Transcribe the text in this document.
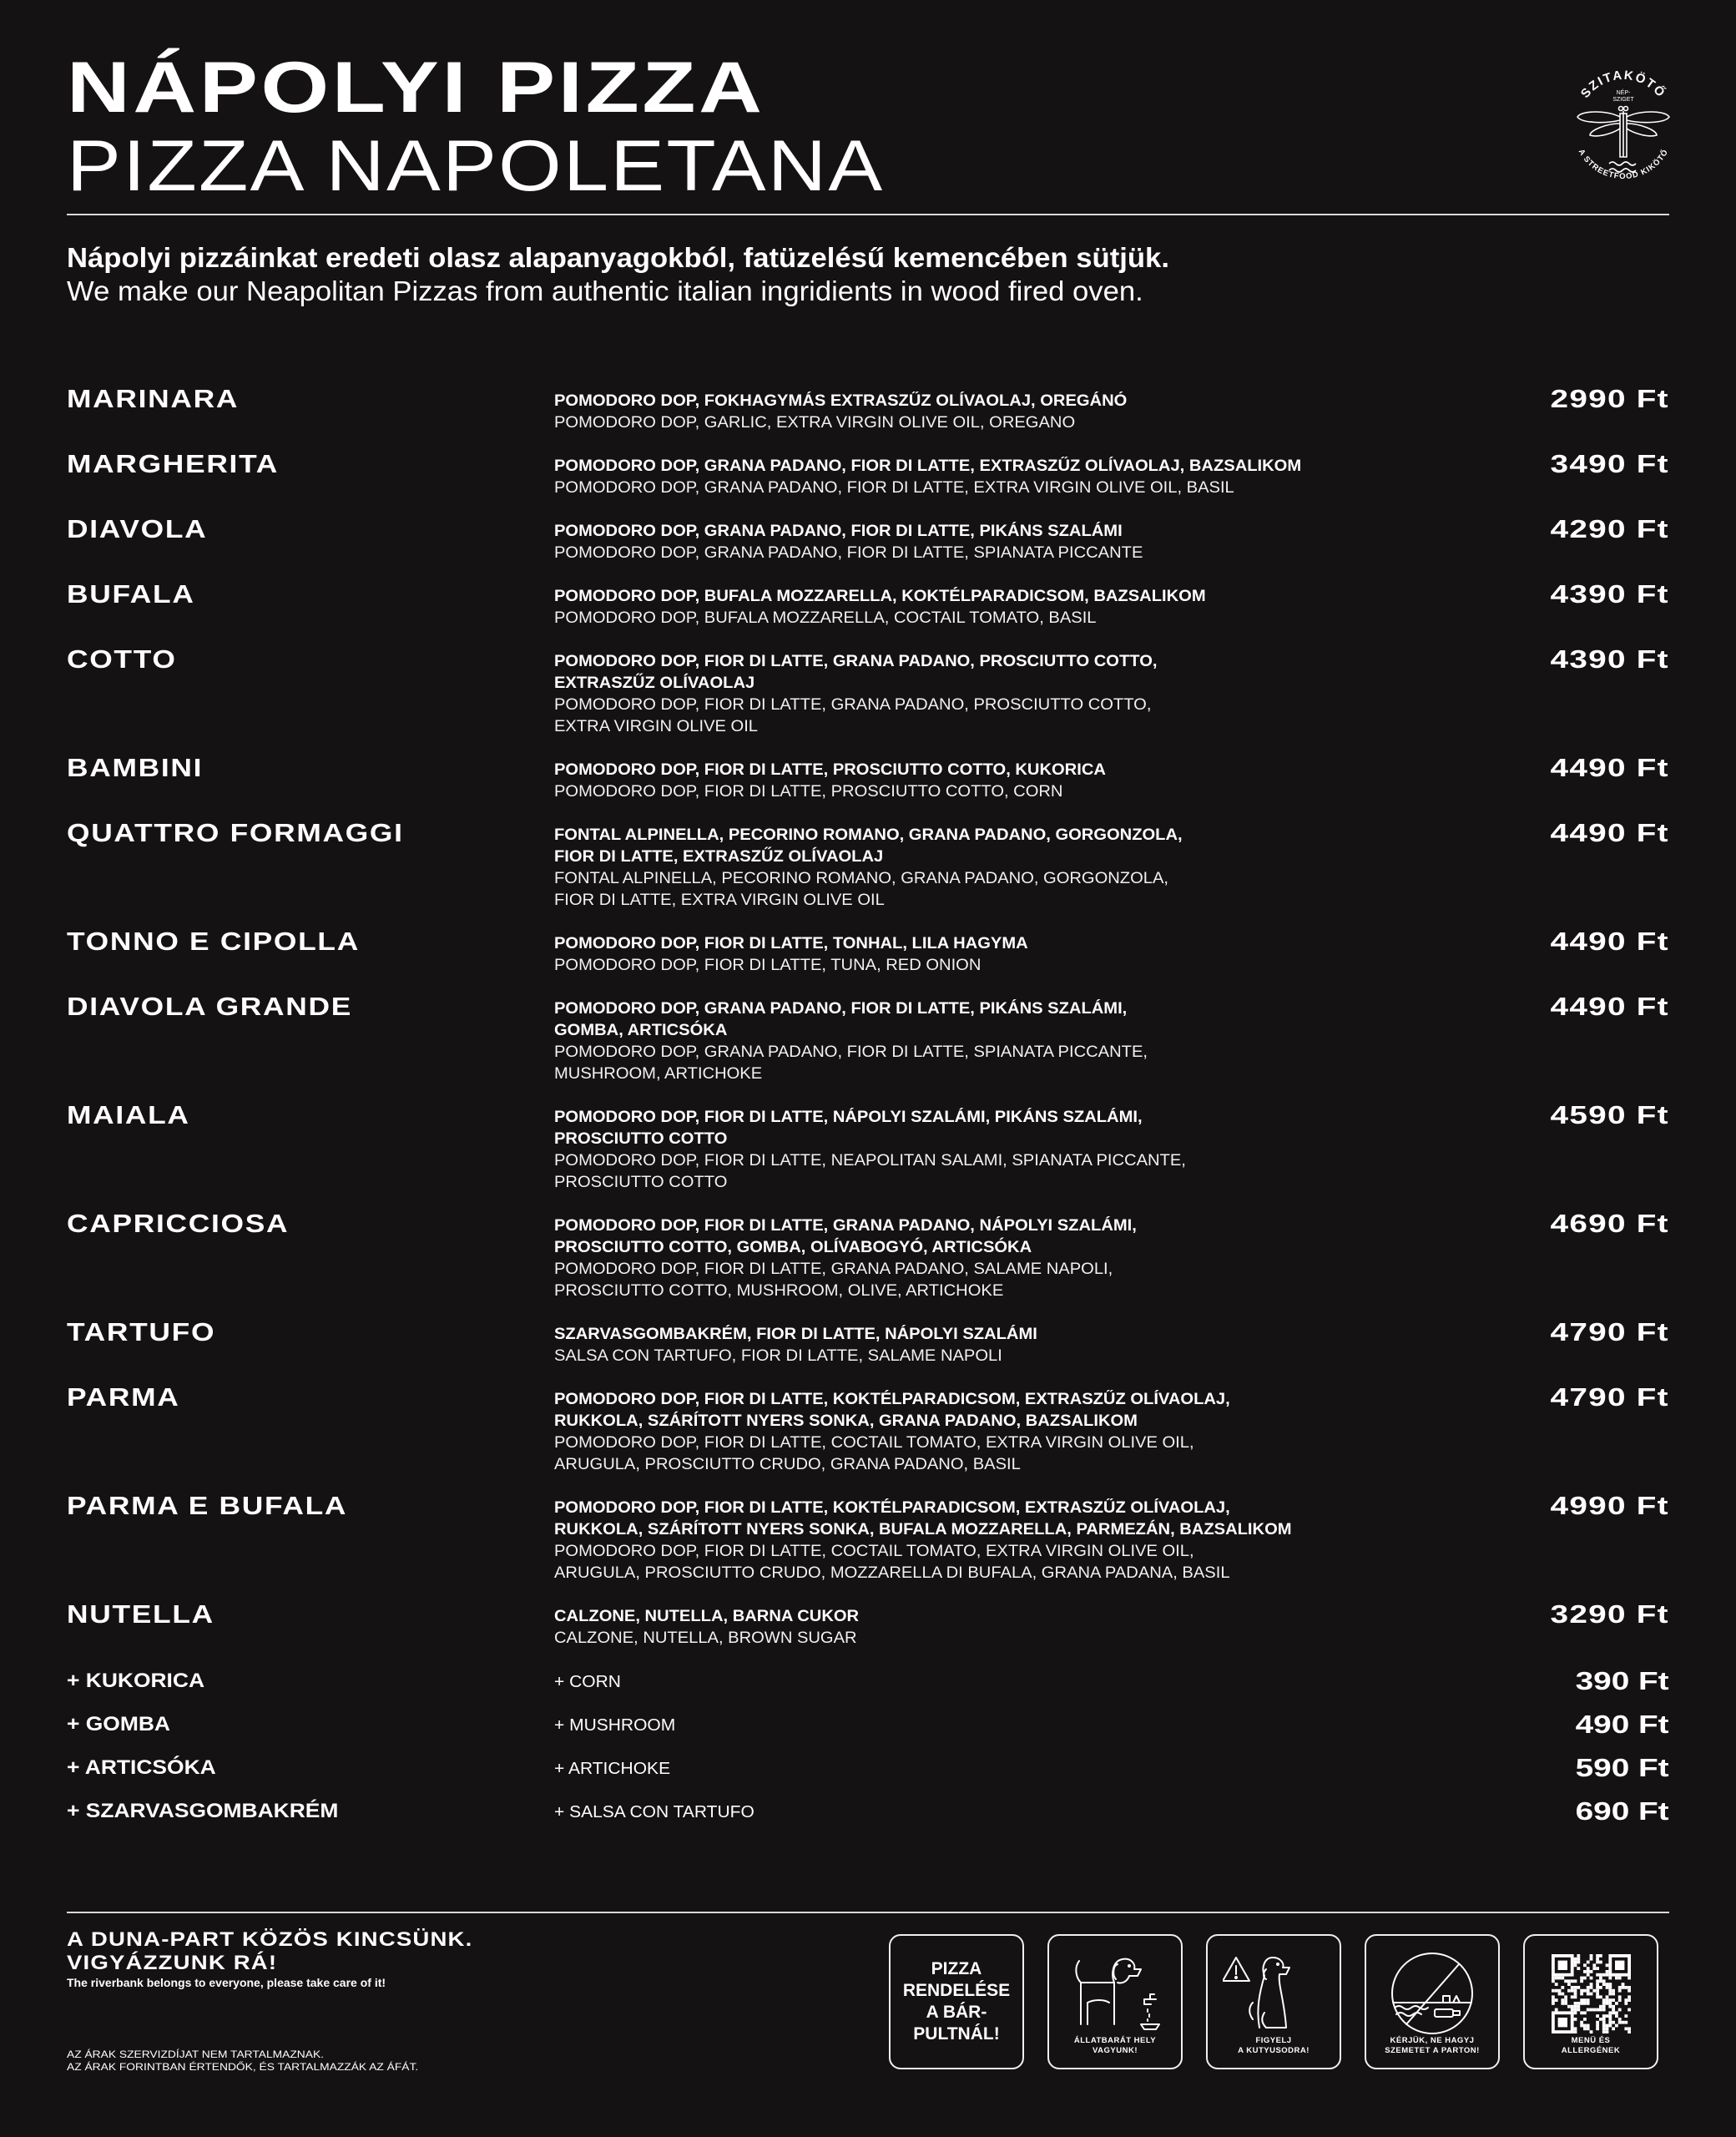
NÁPOLYI PIZZA
PIZZA NAPOLETANA
SZITAKÖTŐ
A STREETFOOD KIKÖTŐ
NÉP-
SZIGET
Nápolyi pizzáinkat eredeti olasz alapanyagokból, fatüzelésű kemencében sütjük.
We make our Neapolitan Pizzas from authentic italian ingridients in wood fired oven.
MARINARA	POMODORO DOP, FOKHAGYMÁS EXTRASZŰZ OLÍVAOLAJ, OREGÁNÓ
POMODORO DOP, GARLIC, EXTRA VIRGIN OLIVE OIL, OREGANO
2990 Ft
MARGHERITA	POMODORO DOP, GRANA PADANO, FIOR DI LATTE, EXTRASZŰZ OLÍVAOLAJ, BAZSALIKOM
POMODORO DOP, GRANA PADANO, FIOR DI LATTE, EXTRA VIRGIN OLIVE OIL, BASIL
3490 Ft
DIAVOLA	POMODORO DOP, GRANA PADANO, FIOR DI LATTE, PIKÁNS SZALÁMI
POMODORO DOP, GRANA PADANO, FIOR DI LATTE, SPIANATA PICCANTE
4290 Ft
BUFALA	POMODORO DOP, BUFALA MOZZARELLA, KOKTÉLPARADICSOM, BAZSALIKOM
POMODORO DOP, BUFALA MOZZARELLA, COCTAIL TOMATO, BASIL
4390 Ft
COTTO	POMODORO DOP, FIOR DI LATTE, GRANA PADANO, PROSCIUTTO COTTO,
EXTRASZŰZ OLÍVAOLAJ
POMODORO DOP, FIOR DI LATTE, GRANA PADANO, PROSCIUTTO COTTO,
EXTRA VIRGIN OLIVE OIL
4390 Ft
BAMBINI	POMODORO DOP, FIOR DI LATTE, PROSCIUTTO COTTO, KUKORICA
POMODORO DOP, FIOR DI LATTE, PROSCIUTTO COTTO, CORN
4490 Ft
QUATTRO FORMAGGI	FONTAL ALPINELLA, PECORINO ROMANO, GRANA PADANO, GORGONZOLA,
FIOR DI LATTE, EXTRASZŰZ OLÍVAOLAJ
FONTAL ALPINELLA, PECORINO ROMANO, GRANA PADANO, GORGONZOLA,
FIOR DI LATTE, EXTRA VIRGIN OLIVE OIL
4490 Ft
TONNO E CIPOLLA	POMODORO DOP, FIOR DI LATTE, TONHAL, LILA HAGYMA
POMODORO DOP, FIOR DI LATTE, TUNA, RED ONION
4490 Ft
DIAVOLA GRANDE	POMODORO DOP, GRANA PADANO, FIOR DI LATTE, PIKÁNS SZALÁMI,
GOMBA, ARTICSÓKA
POMODORO DOP, GRANA PADANO, FIOR DI LATTE, SPIANATA PICCANTE,
MUSHROOM, ARTICHOKE
4490 Ft
MAIALA	POMODORO DOP, FIOR DI LATTE, NÁPOLYI SZALÁMI, PIKÁNS SZALÁMI,
PROSCIUTTO COTTO
POMODORO DOP, FIOR DI LATTE, NEAPOLITAN SALAMI, SPIANATA PICCANTE,
PROSCIUTTO COTTO
4590 Ft
CAPRICCIOSA	POMODORO DOP, FIOR DI LATTE, GRANA PADANO, NÁPOLYI SZALÁMI,
PROSCIUTTO COTTO, GOMBA, OLÍVABOGYÓ, ARTICSÓKA
POMODORO DOP, FIOR DI LATTE, GRANA PADANO, SALAME NAPOLI,
PROSCIUTTO COTTO, MUSHROOM, OLIVE, ARTICHOKE
4690 Ft
TARTUFO	SZARVASGOMBAKRÉM, FIOR DI LATTE, NÁPOLYI SZALÁMI
SALSA CON TARTUFO, FIOR DI LATTE, SALAME NAPOLI
4790 Ft
PARMA	POMODORO DOP, FIOR DI LATTE, KOKTÉLPARADICSOM, EXTRASZŰZ OLÍVAOLAJ,
RUKKOLA, SZÁRÍTOTT NYERS SONKA, GRANA PADANO, BAZSALIKOM
POMODORO DOP, FIOR DI LATTE, COCTAIL TOMATO, EXTRA VIRGIN OLIVE OIL,
ARUGULA, PROSCIUTTO CRUDO, GRANA PADANO, BASIL
4790 Ft
PARMA E BUFALA	POMODORO DOP, FIOR DI LATTE, KOKTÉLPARADICSOM, EXTRASZŰZ OLÍVAOLAJ,
RUKKOLA, SZÁRÍTOTT NYERS SONKA, BUFALA MOZZARELLA, PARMEZÁN, BAZSALIKOM
POMODORO DOP, FIOR DI LATTE, COCTAIL TOMATO, EXTRA VIRGIN OLIVE OIL,
ARUGULA, PROSCIUTTO CRUDO, MOZZARELLA DI BUFALA, GRANA PADANA, BASIL
4990 Ft
NUTELLA	CALZONE, NUTELLA, BARNA CUKOR
CALZONE, NUTELLA, BROWN SUGAR
3290 Ft
+ KUKORICA	+ CORN	390 Ft
+ GOMBA	+ MUSHROOM	490 Ft
+ ARTICSÓKA	+ ARTICHOKE	590 Ft
+ SZARVASGOMBAKRÉM	+ SALSA CON TARTUFO	690 Ft
A DUNA-PART KÖZÖS KINCSÜNK.
VIGYÁZZUNK RÁ!
The riverbank belongs to everyone, please take care of it!
AZ ÁRAK SZERVIZDÍJAT NEM TARTALMAZNAK.
AZ ÁRAK FORINTBAN ÉRTENDŐK, ÉS TARTALMAZZÁK AZ ÁFÁT.
PIZZA
RENDELÉSE
A BÁR-
PULTNÁL!	ÁLLATBARÁT HELY
VAGYUNK!
FIGYELJ
A KUTYUSODRA!
KÉRJÜK, NE HAGYJ
SZEMETET A PARTON!
MENÜ ÉS
ALLERGÉNEK
